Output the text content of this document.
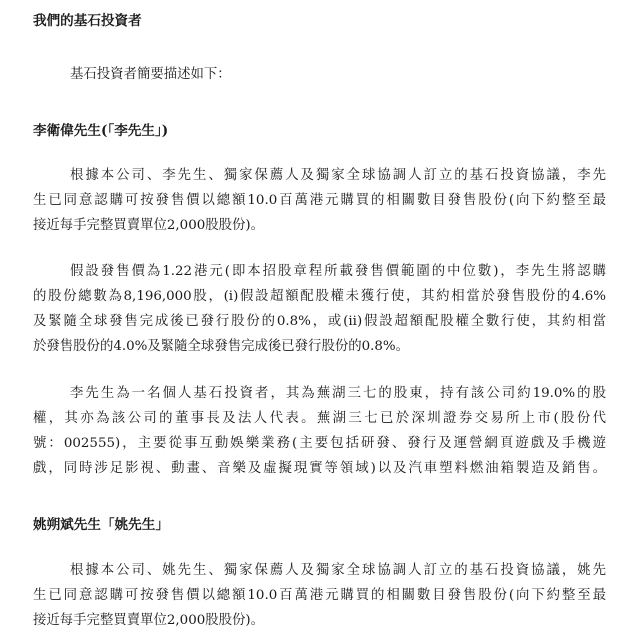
我們的基石投資者
基石投資者簡要描述如下：
李衛偉先生(「李先生」)
根據本公司、李先生、獨家保薦人及獨家全球協調人訂立的基石投資協議，李先
生已同意認購可按發售價以總額10.0百萬港元購買的相關數目發售股份(向下約整至最
接近每手完整買賣單位2,000股股份)。
假設發售價為1.22港元(即本招股章程所載發售價範圍的中位數)，李先生將認購
的股份總數為8,196,000股，(i)假設超額配股權未獲行使，其約相當於發售股份的4.6%
及緊隨全球發售完成後已發行股份的0.8%，或(ii)假設超額配股權全數行使，其約相當
於發售股份的4.0%及緊隨全球發售完成後已發行股份的0.8%。
李先生為一名個人基石投資者，其為蕪湖三七的股東，持有該公司約19.0%的股
權，其亦為該公司的董事長及法人代表。蕪湖三七已於深圳證券交易所上市(股份代
號：002555)，主要從事互動娛樂業務(主要包括研發、發行及運營網頁遊戲及手機遊
戲，同時涉足影視、動畫、音樂及虛擬現實等領域)以及汽車塑料燃油箱製造及銷售。
姚朔斌先生「姚先生」
根據本公司、姚先生、獨家保薦人及獨家全球協調人訂立的基石投資協議，姚先
生已同意認購可按發售價以總額10.0百萬港元購買的相關數目發售股份(向下約整至最
接近每手完整買賣單位2,000股股份)。
